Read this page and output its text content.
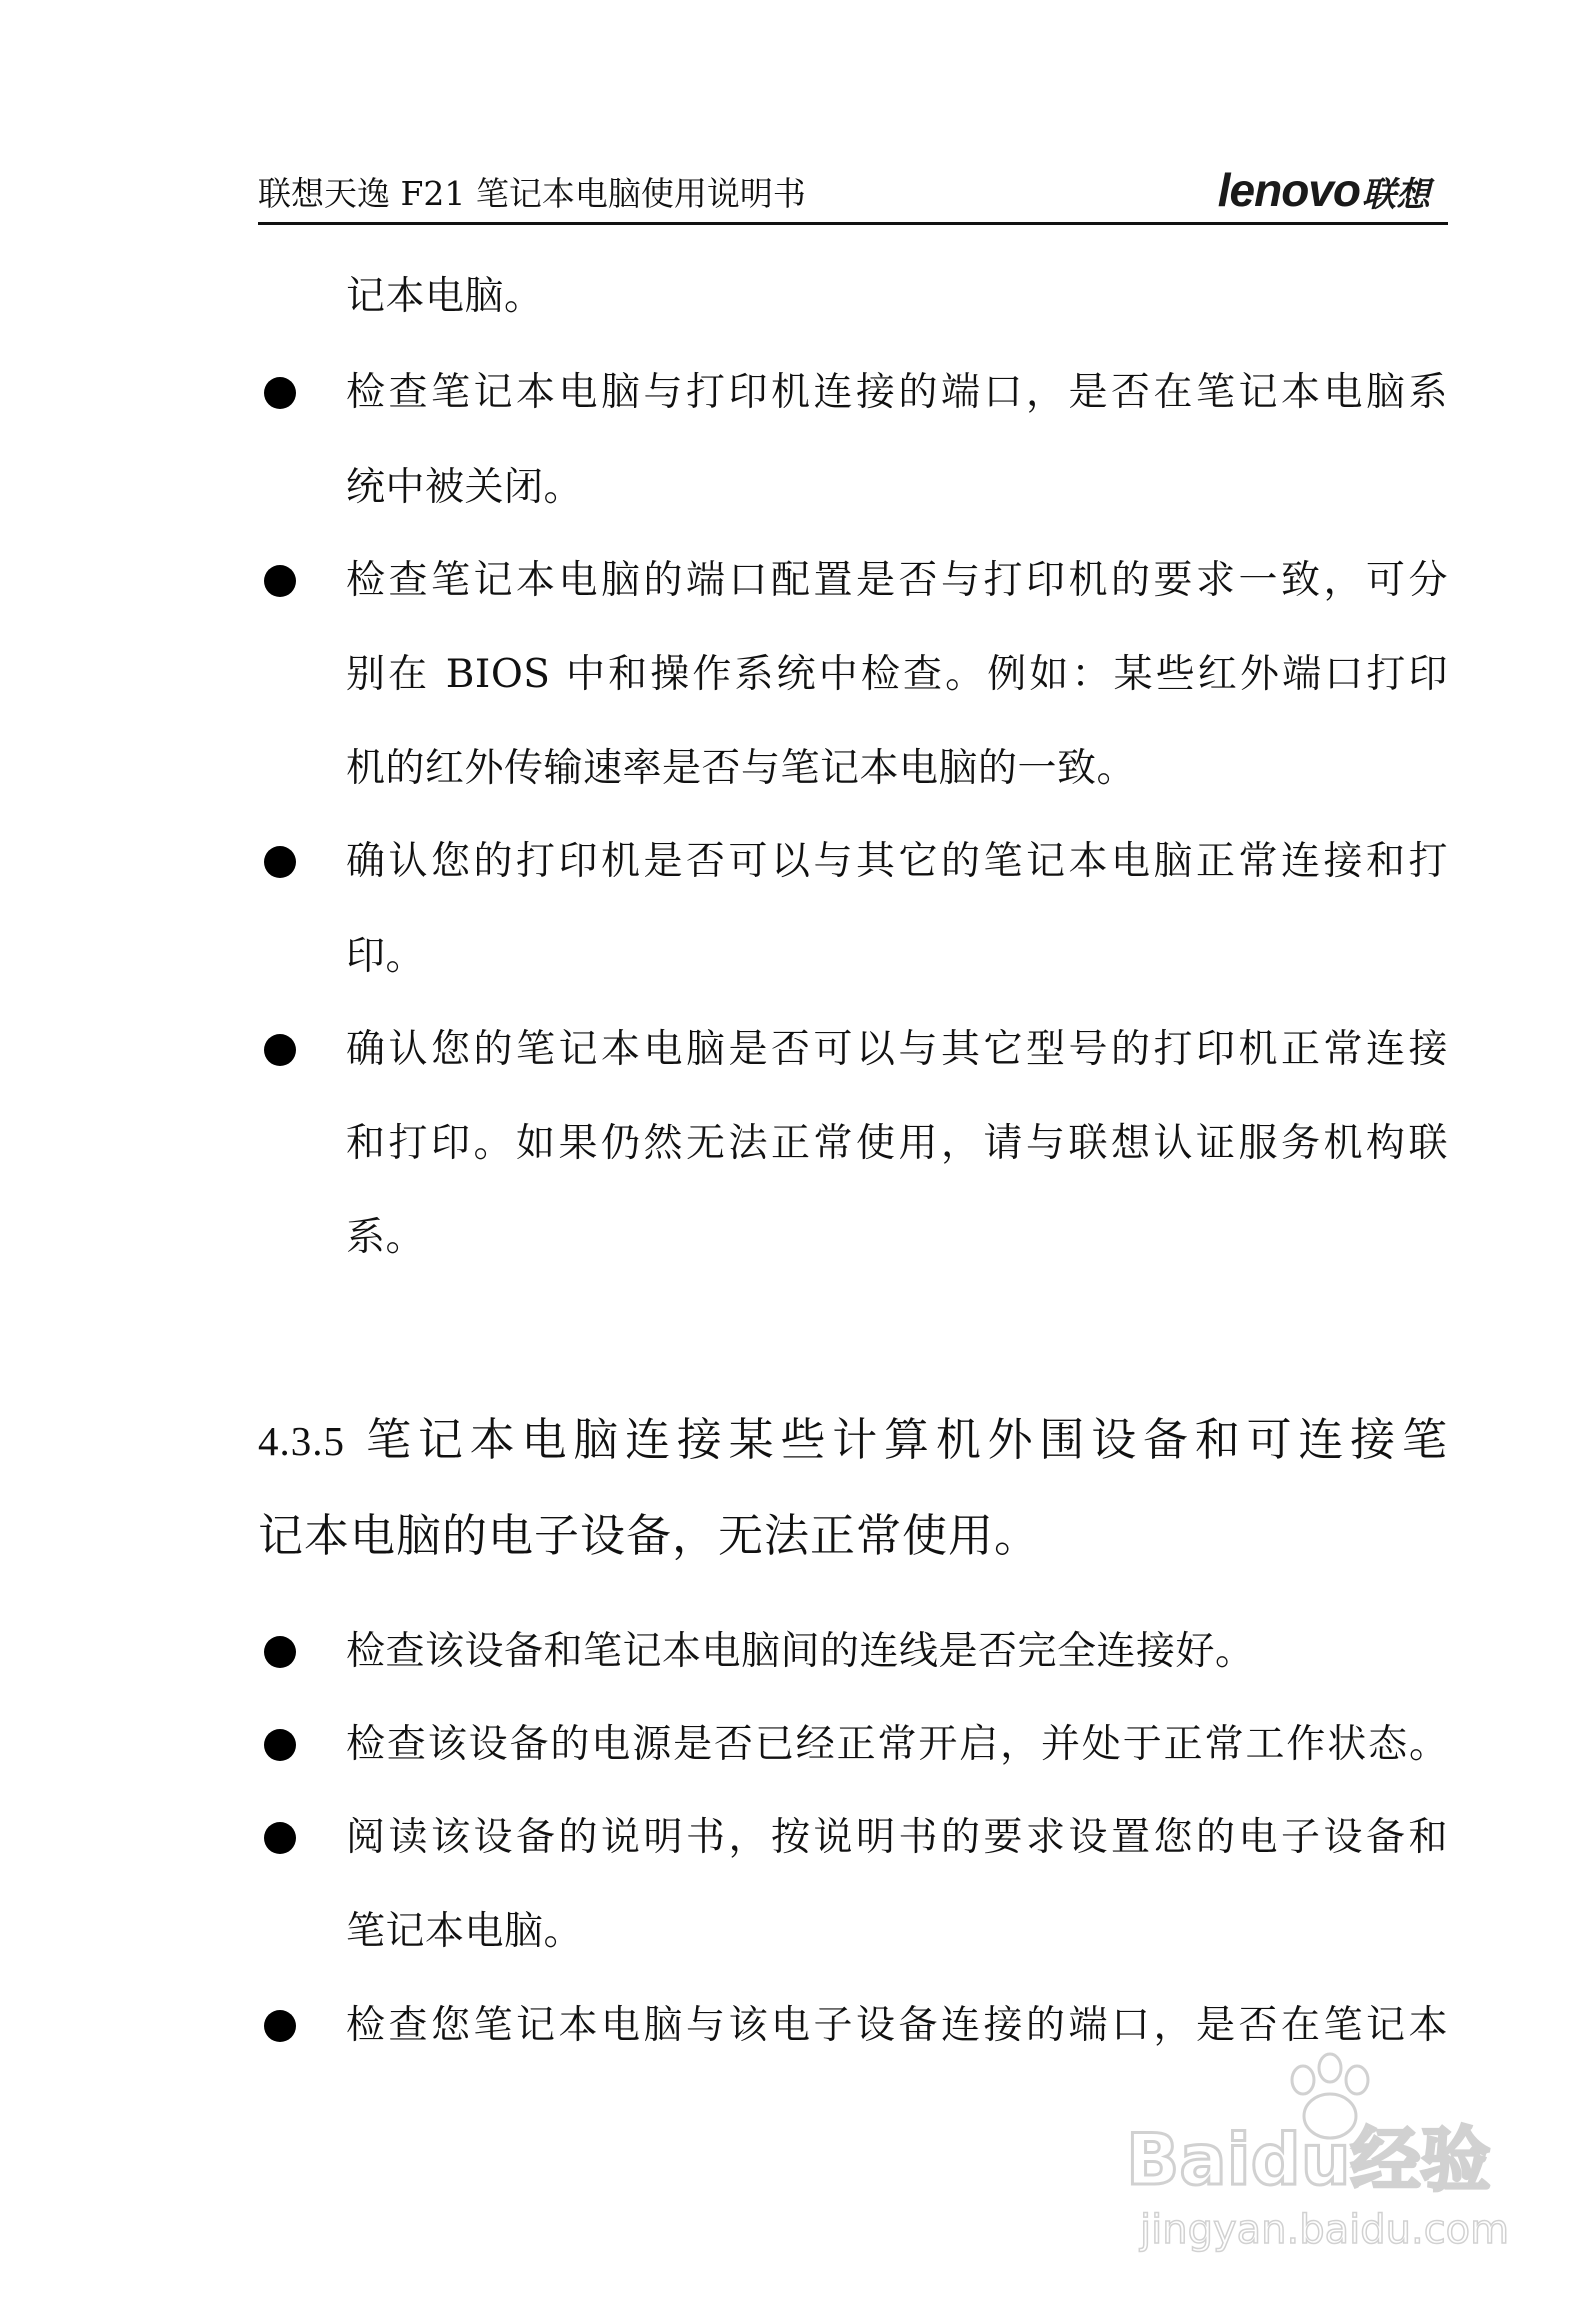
联想天逸 F21 笔记本电脑使用说明书	lenovo联想
记本电脑。
检查笔记本电脑与打印机连接的端口，是否在笔记本电脑系
统中被关闭。
检查笔记本电脑的端口配置是否与打印机的要求一致，可分
别在 BIOS 中和操作系统中检查。例如：某些红外端口打印
机的红外传输速率是否与笔记本电脑的一致。
确认您的打印机是否可以与其它的笔记本电脑正常连接和打
印。
确认您的笔记本电脑是否可以与其它型号的打印机正常连接
和打印。如果仍然无法正常使用，请与联想认证服务机构联
系。
4.3.5 笔记本电脑连接某些计算机外围设备和可连接笔
记本电脑的电子设备，无法正常使用。
检查该设备和笔记本电脑间的连线是否完全连接好。
检查该设备的电源是否已经正常开启，并处于正常工作状态。
阅读该设备的说明书，按说明书的要求设置您的电子设备和
笔记本电脑。
检查您笔记本电脑与该电子设备连接的端口，是否在笔记本
Baidu经验
jingyan.baidu.com
